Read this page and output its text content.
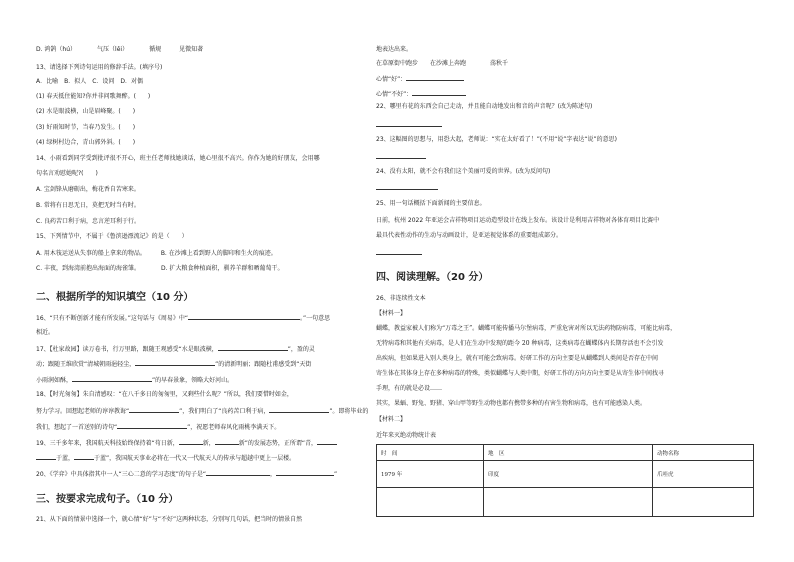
D. 鸿鹄（hú）　　　　气压（lěi）　　　　循规　　　见微知著
13、请选择下列诗句运用的修辞手法。(填序号)
A．比喻　B．拟人　C．设问　D．对偶
(1) 春天抵住能知?你并非问歌舞醉。(　　)
(2) 水是眼波横，山是眉峰聚。(　　)
(3) 好雨知时节，当春乃发生。(　　)
(4) 绿树村边合，青山郭外斜。(　　)
14、小雨看到同学受到批评很不开心，班主任老师找她谈话，她心里很不高兴。你作为她的好朋友，会用哪
句名言劝慰她呢?(　　)
A. 宝剑锋从磨砺出，梅花香自苦寒来。
B. 常将有日思无日，莫把无时当有时。
C. 良药苦口利于病，忠言逆耳利于行。
15、下列情节中，不属于《鲁滨逊漂流记》的是（　　）
A. 用木筏运送从失事的船上拿来的物品。　　　B. 在沙滩上看到野人的脚印和生火的痕迹。
C. 丰夜，到海湾前抱出海面的海雀雏。　　　　D. 扩大粮食种植面积，驯养羊群和晒葡萄干。
二、根据所学的知识填空（10 分）
16、“只有不断创新才能有所发展。”这句话与《周易》中“	。”一句意思
相近。
17、【杜家故园】读万卷书，行万里路，跟随王观感受“水是眼波横，	”，盈的灵
动；跟随王维欣赏“清城朝雨浥轻尘，	”的清新明丽；跟随杜甫感受到“天街
小雨润如酥，	”的早春景象，领略大好河山。
18、【时光匆匆】朱自清感叹：“在八千多日的匆匆里，又剩些什么呢？”所以，我们要惜时如金，
努力学习。回想起老师的谆谆教诲“	”，我们明白了“良药苦口利于病，	”。即将毕业的
我们，想起了一首送别的诗句“	”，祝愿老师春风化雨桃李满天下。
19、三千多年来，我国航天科技始终保持着“苟日新，	新，	新”的发展态势，正所谓“青，
于蓝，	于蓝”，我国航天事业必将在一代又一代航天人的传承与超越中更上一层楼。
20、《学弈》中具体指其中一人“三心二意的学习态度”的句子是“	，	”
三、按要求完成句子。（10 分）
21、从下面的情景中选择一个，就心情“好”与“不好”这两种状态，分别写几句话，把当时的情景自然
地表达出来。
在草原街中跑步　　在沙滩上奔跑　　　　荡秋千
心情“好”：
心情“不好”：
22、哪里有花的东西会自己走动，并且能自动地发出和音的声音呢？(改为陈述句)
23、这幅图的思想与，用恐大起，老师说：“实在太好看了！”(不用“说”字表达“说”的意思)
24、没有太阳，就不会有我们这个美丽可爱的世界。(改为反问句)
25、用一句话概括下面新闻的主要信息。
日前，杭州 2022 年亚运会吉祥物项目运动造型设计在线上发布。该设计是利用吉祥物对各体育项目比赛中
最具代表性动作的生动与动画设计，是亚运视觉体系的重要组成部分。
四、阅读理解。（20 分）
26、非连续性文本
【材料一】
蝴蝶，教益家被人们称为“万毒之王”。蝴蝶可能传播马尔堡病毒，严重危害对所以无法药物防病毒，可能比病毒，
无特病毒和其他有关病毒，是人们在生动中发现的距今 20 种病毒，这类病毒在蝴蝶体内长期存活也不会引发
出疾病，但如果进入别人类身上，就有可能会致病毒。好研工作的方向主要是从蝴蝶到人类间是否存在中间
寄生体在其体身上存在多种病毒的特殊，类似蝴蝶与人类中期，好研工作的方向方向主要是从寄生体中间找寻
手理，有的就是必设……
其实，果蝠、野兔、野猪、穿山甲等野生动物也都有携带多种的有害生物和病毒，也有可能感染人类。
【材料二】
近年来灭绝动物统计表
时　间	地　区	动物名称
1979 年	印度	爪哇虎
